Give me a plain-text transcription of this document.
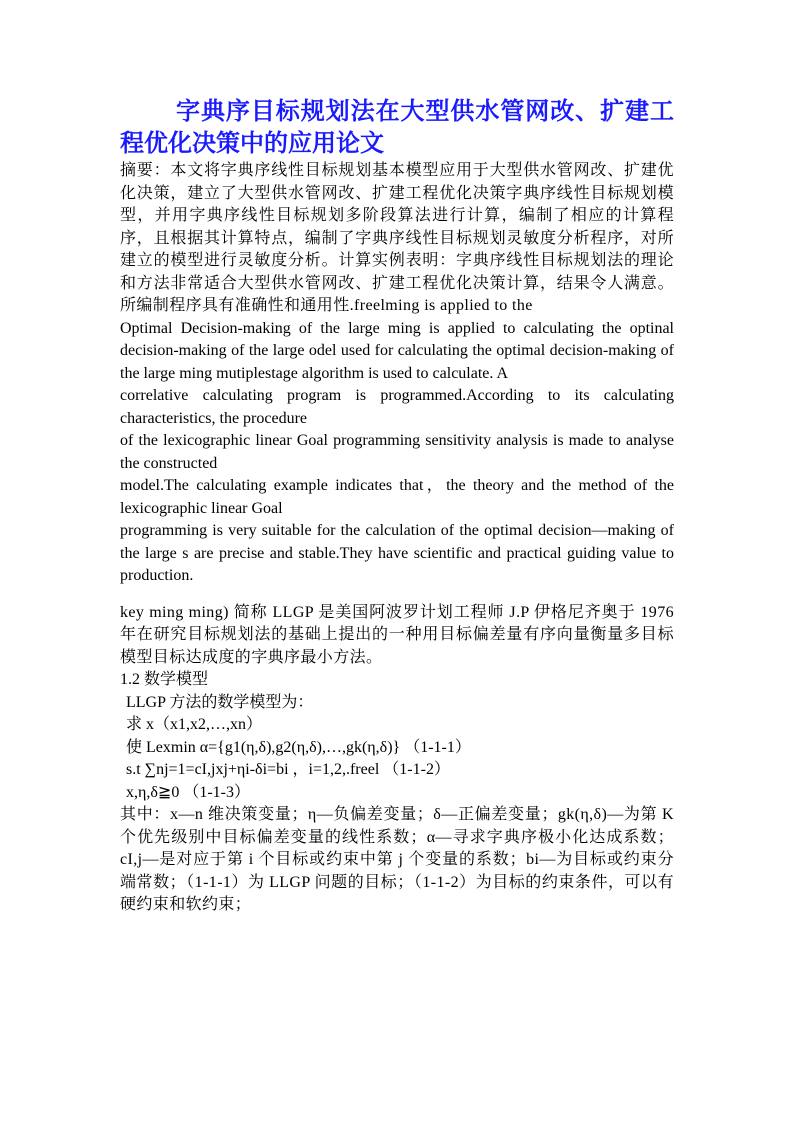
字典序目标规划法在大型供水管网改、扩建工程优化决策中的应用论文

摘要：本文将字典序线性目标规划基本模型应用于大型供水管网改、扩建优化决策，建立了大型供水管网改、扩建工程优化决策字典序线性目标规划模型，并用字典序线性目标规划多阶段算法进行计算，编制了相应的计算程序，且根据其计算特点，编制了字典序线性目标规划灵敏度分析程序，对所建立的模型进行灵敏度分析。计算实例表明：字典序线性目标规划法的理论和方法非常适合大型供水管网改、扩建工程优化决策计算，结果令人满意。所编制程序具有准确性和通用性.freelming is applied to the

Optimal Decision-making of the large ming is applied to calculating the optinal decision-making of the large odel used for calculating the optimal decision-making of the large ming mutiplestage algorithm is used to calculate. A

correlative calculating program is programmed.According to its calculating characteristics, the procedure

of the lexicographic linear Goal programming sensitivity analysis is made to analyse the constructed

model.The calculating example indicates that，the theory and the method of the lexicographic linear Goal

programming is very suitable for the calculation of the optimal decision—making of the large s are precise and stable.They have scientific and practical guiding value to production.

key ming ming) 简称 LLGP 是美国阿波罗计划工程师 J.P 伊格尼齐奥于 1976 年在研究目标规划法的基础上提出的一种用目标偏差量有序向量衡量多目标模型目标达成度的字典序最小方法。

1.2 数学模型

LLGP 方法的数学模型为：

求 x（x1,x2,…,xn）

使 Lexmin α={g1(η,δ),g2(η,δ),…,gk(η,δ)} （1-1-1）

s.t ∑nj=1=cI,jxj+ηi-δi=bi ，i=1,2,.freel （1-1-2）

x,η,δ≧0 （1-1-3）

其中：x—n 维决策变量；η—负偏差变量；δ—正偏差变量；gk(η,δ)—为第 K 个优先级别中目标偏差变量的线性系数；α—寻求字典序极小化达成系数；cI,j—是对应于第 i 个目标或约束中第 j 个变量的系数；bi—为目标或约束分端常数；（1-1-1）为 LLGP 问题的目标；（1-1-2）为目标的约束条件，可以有硬约束和软约束；
